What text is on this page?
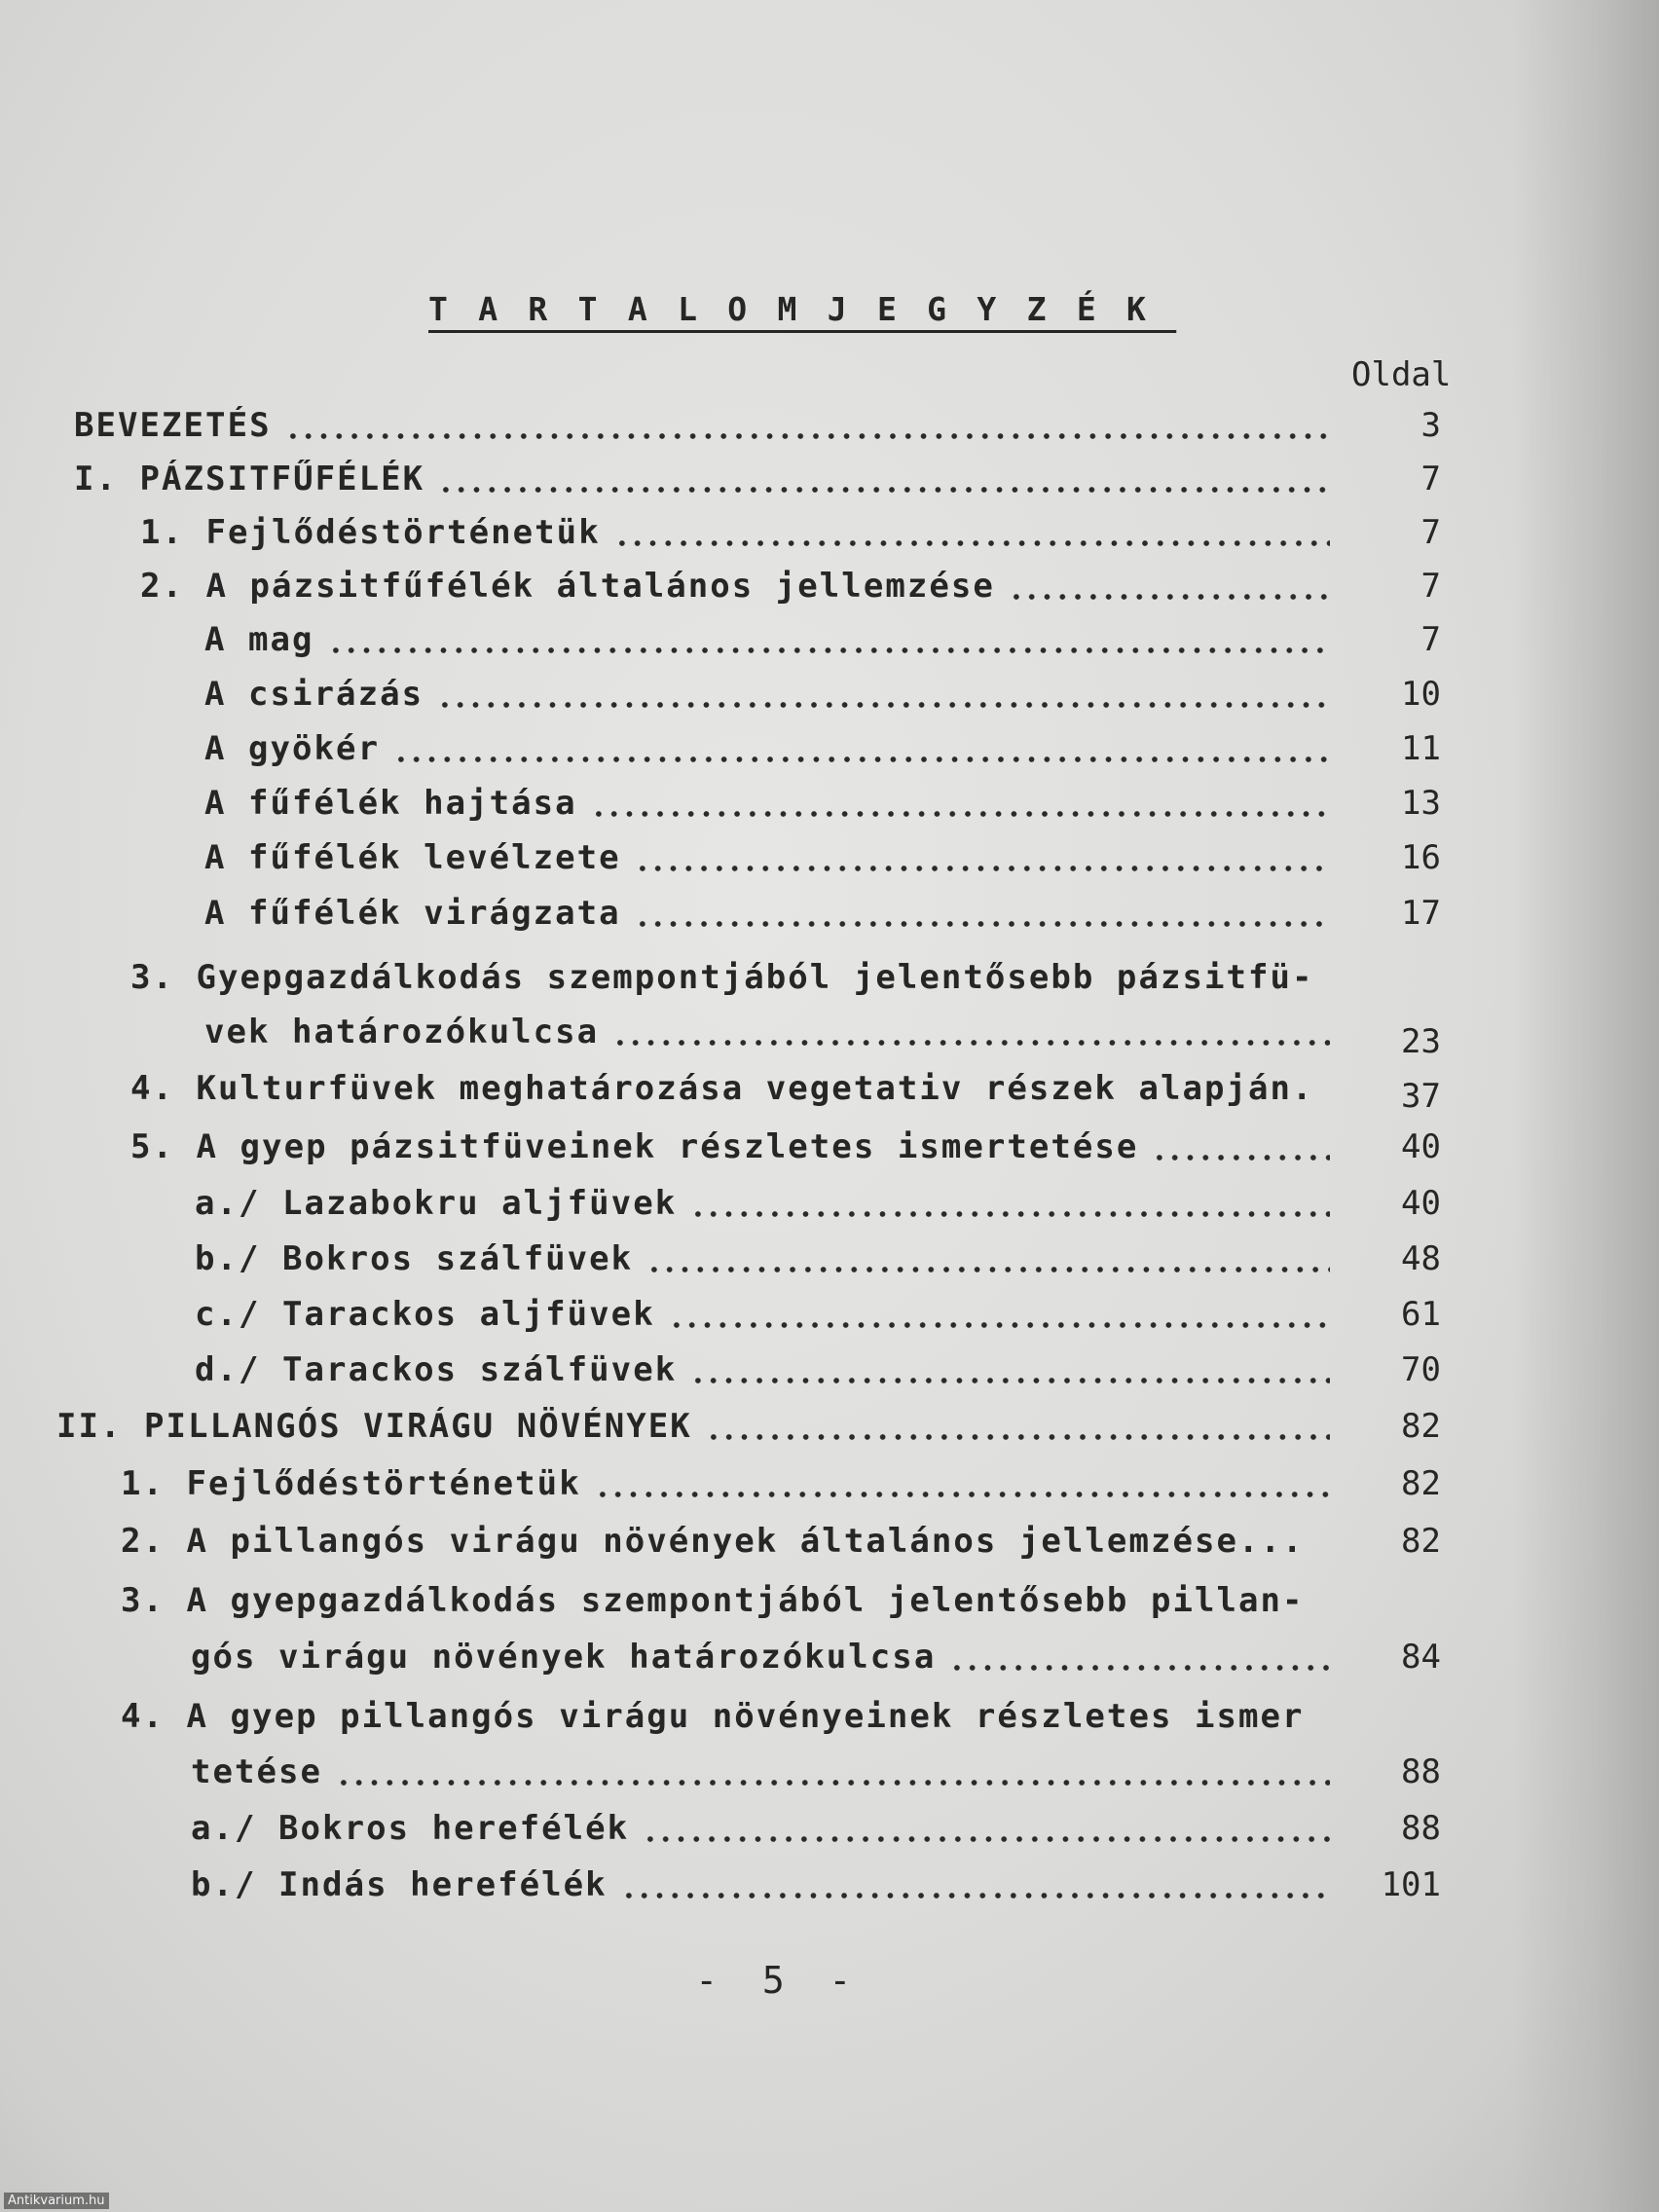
TARTALOMJEGYZÉK
Oldal
BEVEZETÉS	3
I. PÁZSITFŰFÉLÉK	7
1. Fejlődéstörténetük	7
2. A pázsitfűfélék általános jellemzése	7
A mag	7
A csirázás	10
A gyökér	11
A fűfélék hajtása	13
A fűfélék levélzete	16
A fűfélék virágzata	17
3. Gyepgazdálkodás szempontjából jelentősebb pázsitfü-
vek határozókulcsa	23
4. Kulturfüvek meghatározása vegetativ részek alapján.	37
5. A gyep pázsitfüveinek részletes ismertetése	40
a./ Lazabokru aljfüvek	40
b./ Bokros szálfüvek	48
c./ Tarackos aljfüvek	61
d./ Tarackos szálfüvek	70
II. PILLANGÓS VIRÁGU NÖVÉNYEK	82
1. Fejlődéstörténetük	82
2. A pillangós virágu növények általános jellemzése...	82
3. A gyepgazdálkodás szempontjából jelentősebb pillan-
gós virágu növények határozókulcsa	84
4. A gyep pillangós virágu növényeinek részletes ismer
tetése	88
a./ Bokros herefélék	88
b./ Indás herefélék	101
- 5 -
Antikvarium.hu
